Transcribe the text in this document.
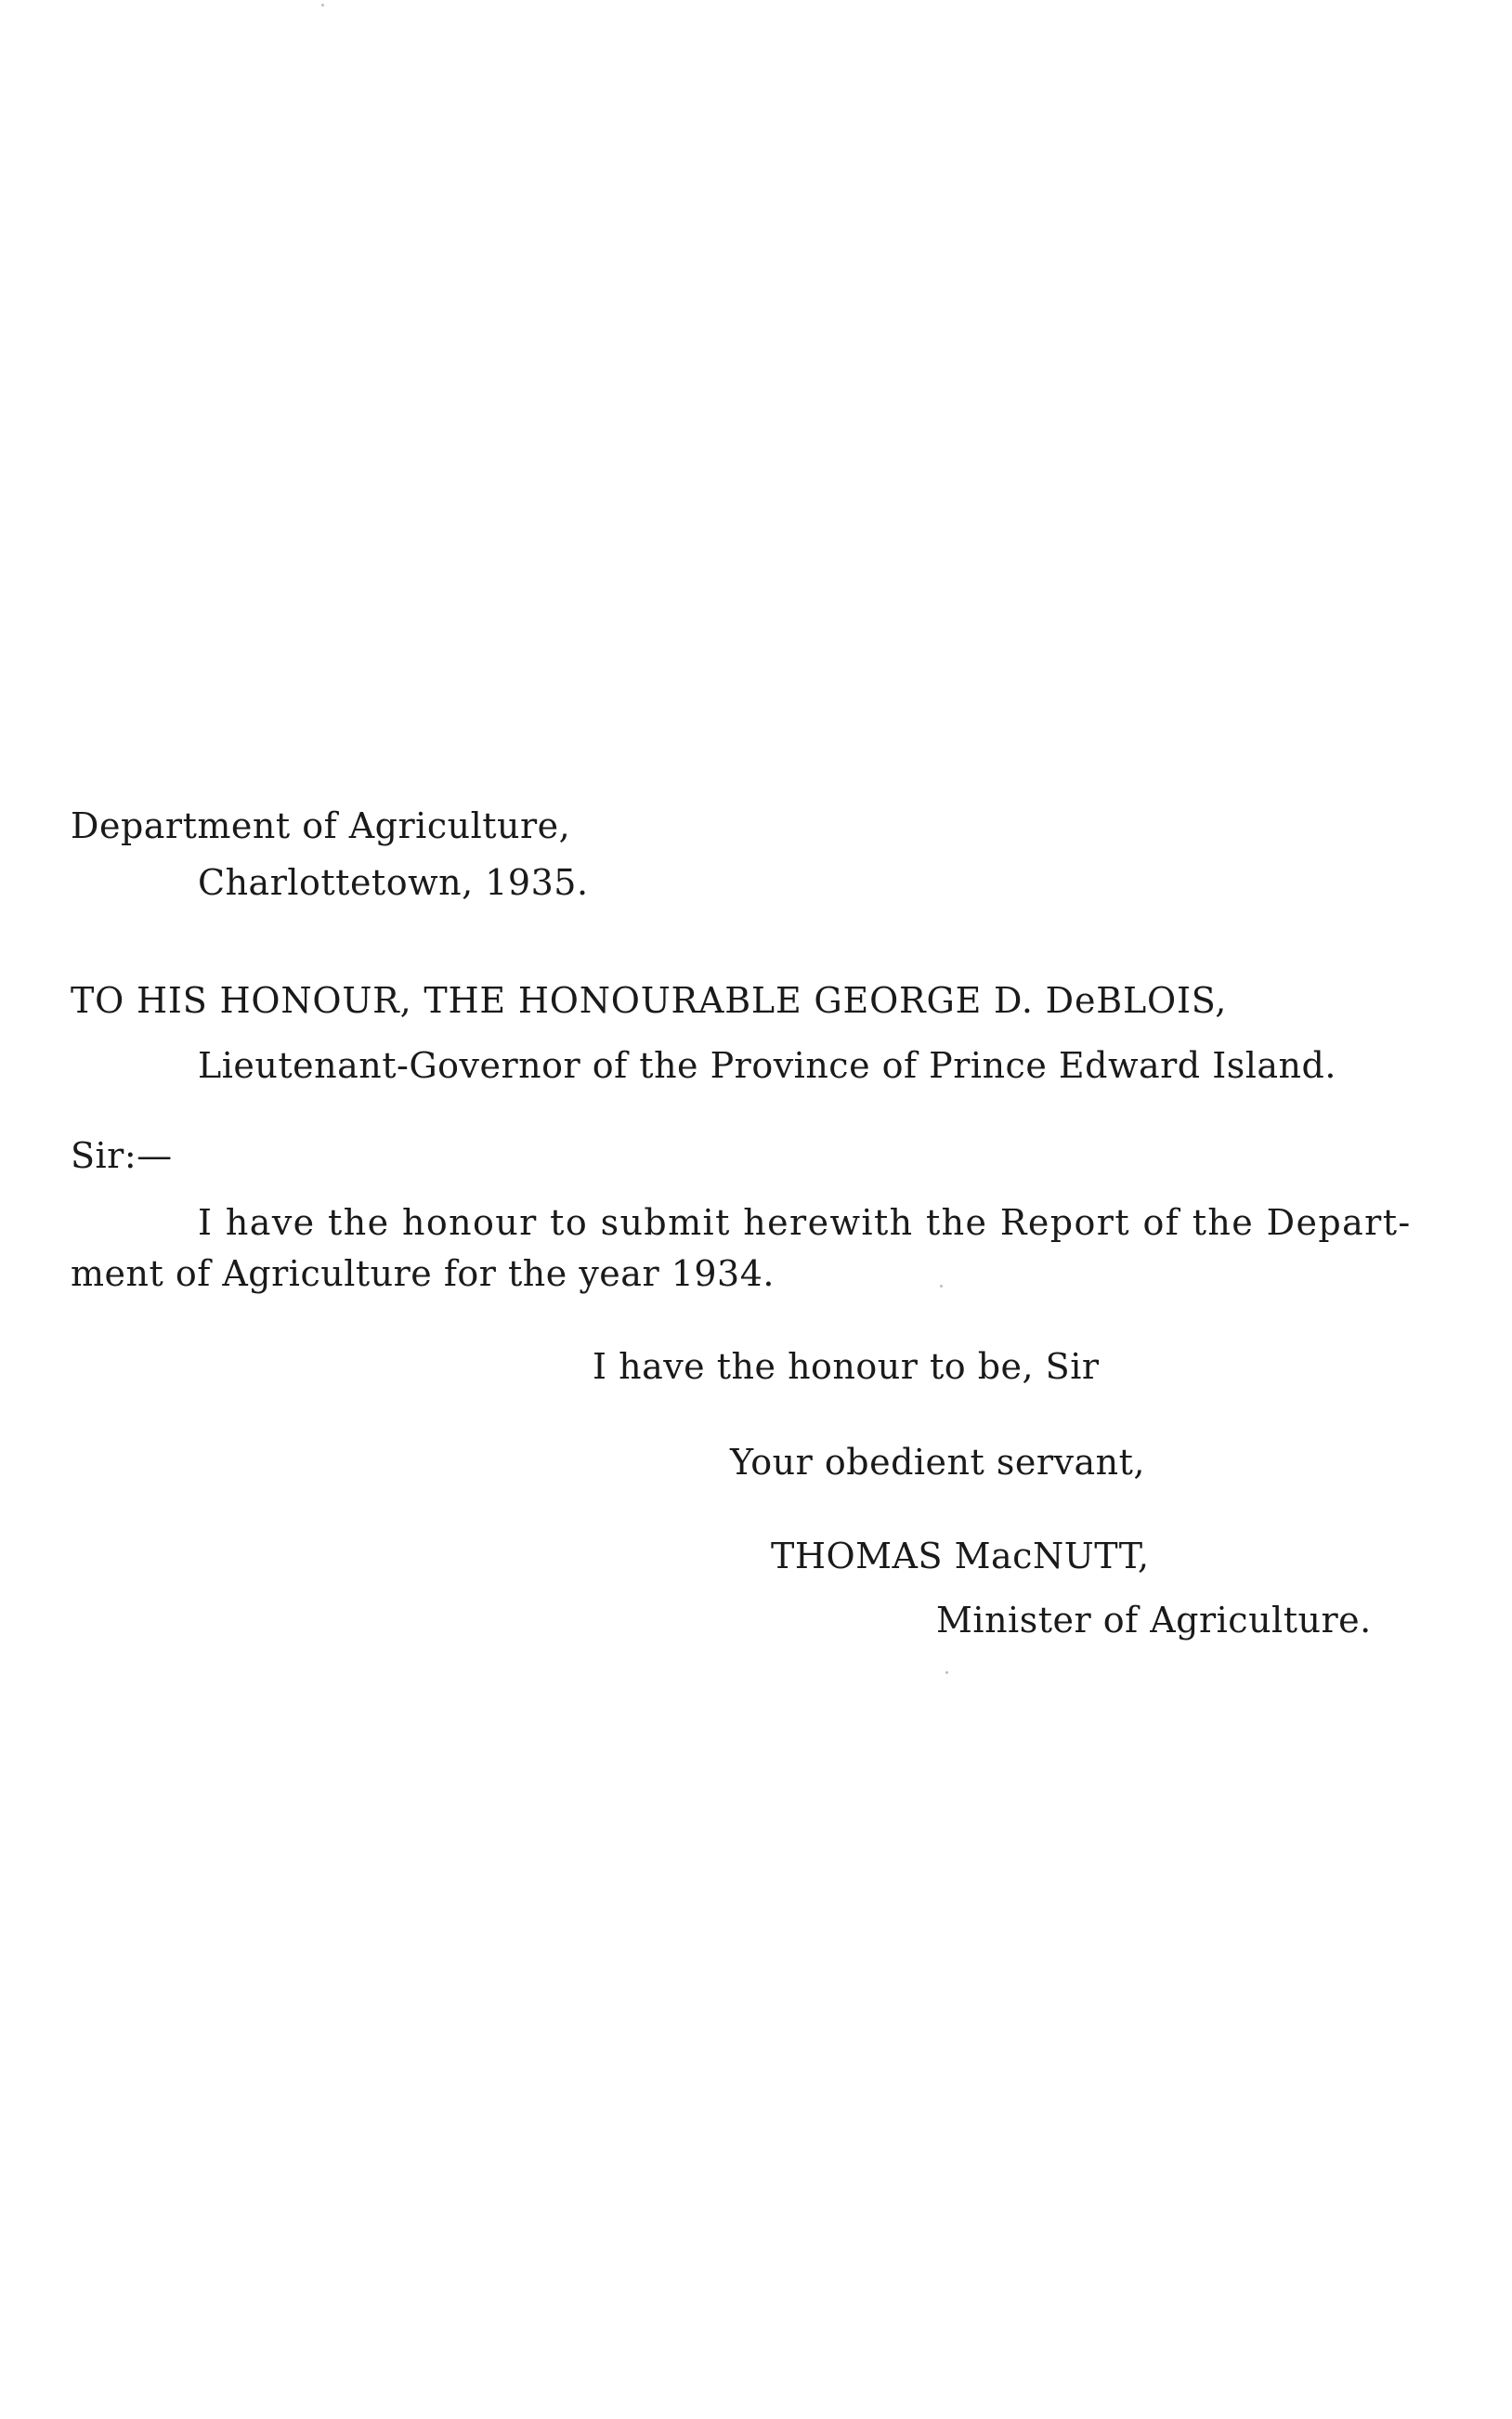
Department of Agriculture,
Charlottetown, 1935.
TO HIS HONOUR, THE HONOURABLE GEORGE D. DeBLOIS,
Lieutenant-Governor of the Province of Prince Edward Island.
Sir:—
I have the honour to submit herewith the Report of the Depart-
ment of Agriculture for the year 1934.
I have the honour to be, Sir
Your obedient servant,
THOMAS MacNUTT,
Minister of Agriculture.
